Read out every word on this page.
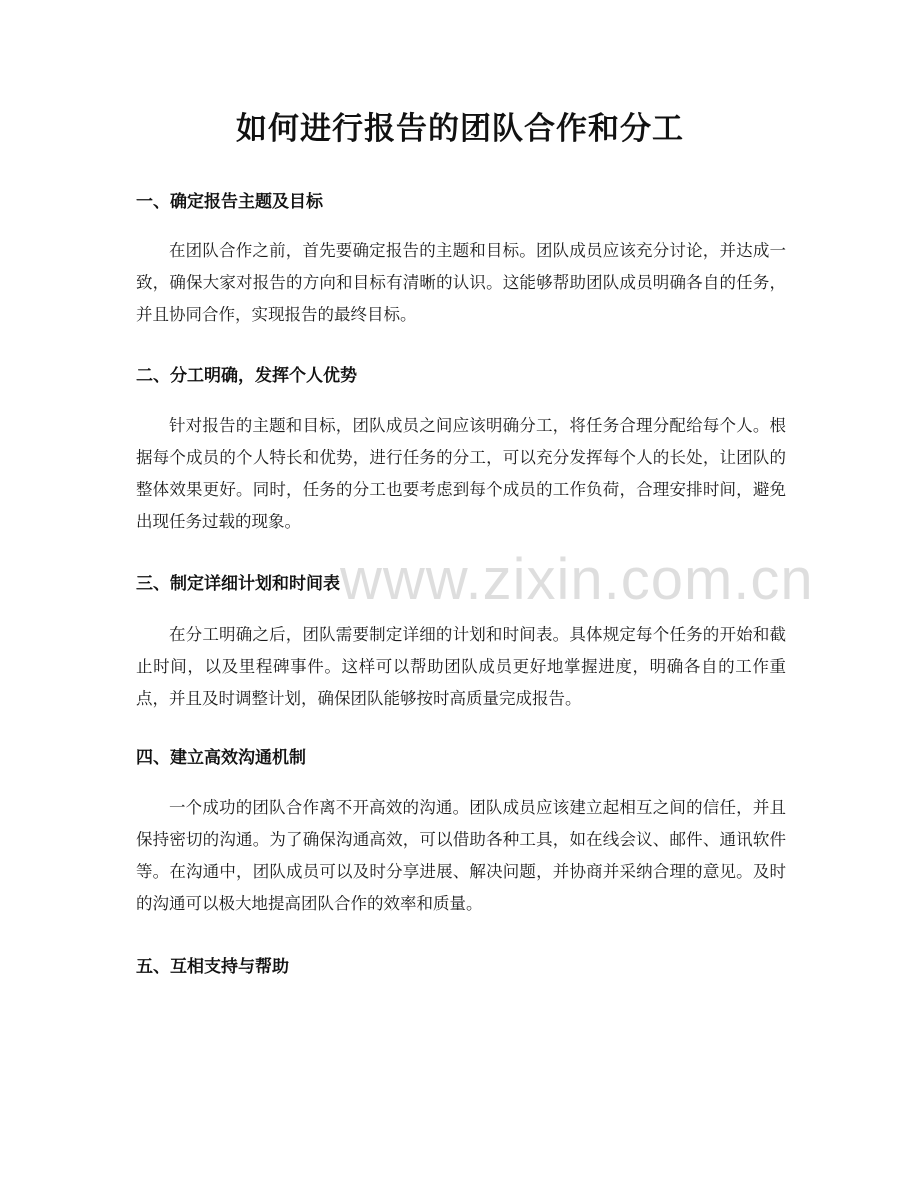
如何进行报告的团队合作和分工
一、确定报告主题及目标

在团队合作之前，首先要确定报告的主题和目标。团队成员应该充分讨论，并达成一致，确保大家对报告的方向和目标有清晰的认识。这能够帮助团队成员明确各自的任务，并且协同合作，实现报告的最终目标。

二、分工明确，发挥个人优势

针对报告的主题和目标，团队成员之间应该明确分工，将任务合理分配给每个人。根据每个成员的个人特长和优势，进行任务的分工，可以充分发挥每个人的长处，让团队的整体效果更好。同时，任务的分工也要考虑到每个成员的工作负荷，合理安排时间，避免出现任务过载的现象。

三、制定详细计划和时间表

在分工明确之后，团队需要制定详细的计划和时间表。具体规定每个任务的开始和截止时间，以及里程碑事件。这样可以帮助团队成员更好地掌握进度，明确各自的工作重点，并且及时调整计划，确保团队能够按时高质量完成报告。

四、建立高效沟通机制

一个成功的团队合作离不开高效的沟通。团队成员应该建立起相互之间的信任，并且保持密切的沟通。为了确保沟通高效，可以借助各种工具，如在线会议、邮件、通讯软件等。在沟通中，团队成员可以及时分享进展、解决问题，并协商并采纳合理的意见。及时的沟通可以极大地提高团队合作的效率和质量。

五、互相支持与帮助
www.zixin.com.cn
